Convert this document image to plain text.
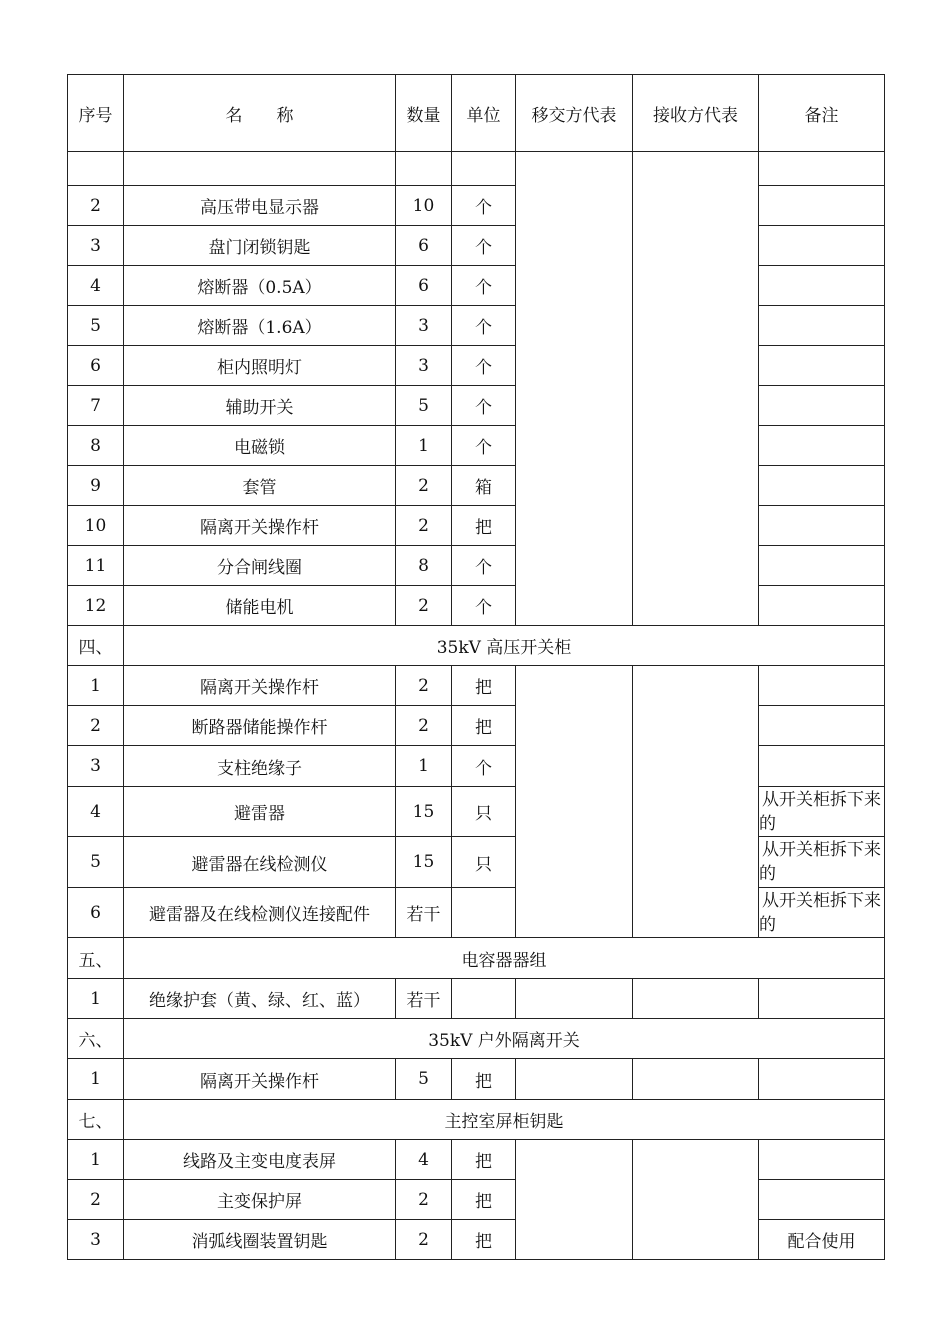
序号	名　　称	数量	单位	移交方代表	接收方代表	备注

2	高压带电显示器	10	个			
3	盘门闭锁钥匙	6	个			
4	熔断器（0.5A）	6	个			
5	熔断器（1.6A）	3	个			
6	柜内照明灯	3	个			
7	辅助开关	5	个			
8	电磁锁	1	个			
9	套管	2	箱			
10	隔离开关操作杆	2	把			
11	分合闸线圈	8	个			
12	储能电机	2	个			
四、	35kV 高压开关柜					
1	隔离开关操作杆	2	把			
2	断路器储能操作杆	2	把			
3	支柱绝缘子	1	个			
4	避雷器	15	只			从开关柜拆下来的
5	避雷器在线检测仪	15	只			从开关柜拆下来的
6	避雷器及在线检测仪连接配件	若干				从开关柜拆下来的
五、	电容器器组					
1	绝缘护套（黄、绿、红、蓝）	若干				
六、	35kV 户外隔离开关					
1	隔离开关操作杆	5	把			
七、	主控室屏柜钥匙					
1	线路及主变电度表屏	4	把			
2	主变保护屏	2	把			
3	消弧线圈装置钥匙	2	把			配合使用
